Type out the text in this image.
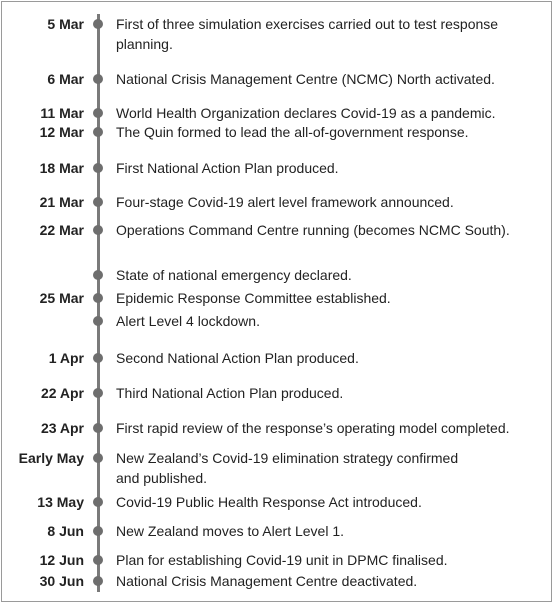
5 Mar First of three simulation exercises carried out to test response
planning.
6 Mar National Crisis Management Centre (NCMC) North activated.
11 Mar World Health Organization declares Covid-19 as a pandemic.
12 Mar The Quin formed to lead the all-of-government response.
18 Mar First National Action Plan produced.
21 Mar Four-stage Covid-19 alert level framework announced.
22 Mar Operations Command Centre running (becomes NCMC South).
State of national emergency declared.
25 Mar Epidemic Response Committee established.
Alert Level 4 lockdown.
1 Apr Second National Action Plan produced.
22 Apr Third National Action Plan produced.
23 Apr First rapid review of the response’s operating model completed.
Early May New Zealand’s Covid-19 elimination strategy confirmed
and published.
13 May Covid-19 Public Health Response Act introduced.
8 Jun New Zealand moves to Alert Level 1.
12 Jun Plan for establishing Covid-19 unit in DPMC finalised.
30 Jun National Crisis Management Centre deactivated.
